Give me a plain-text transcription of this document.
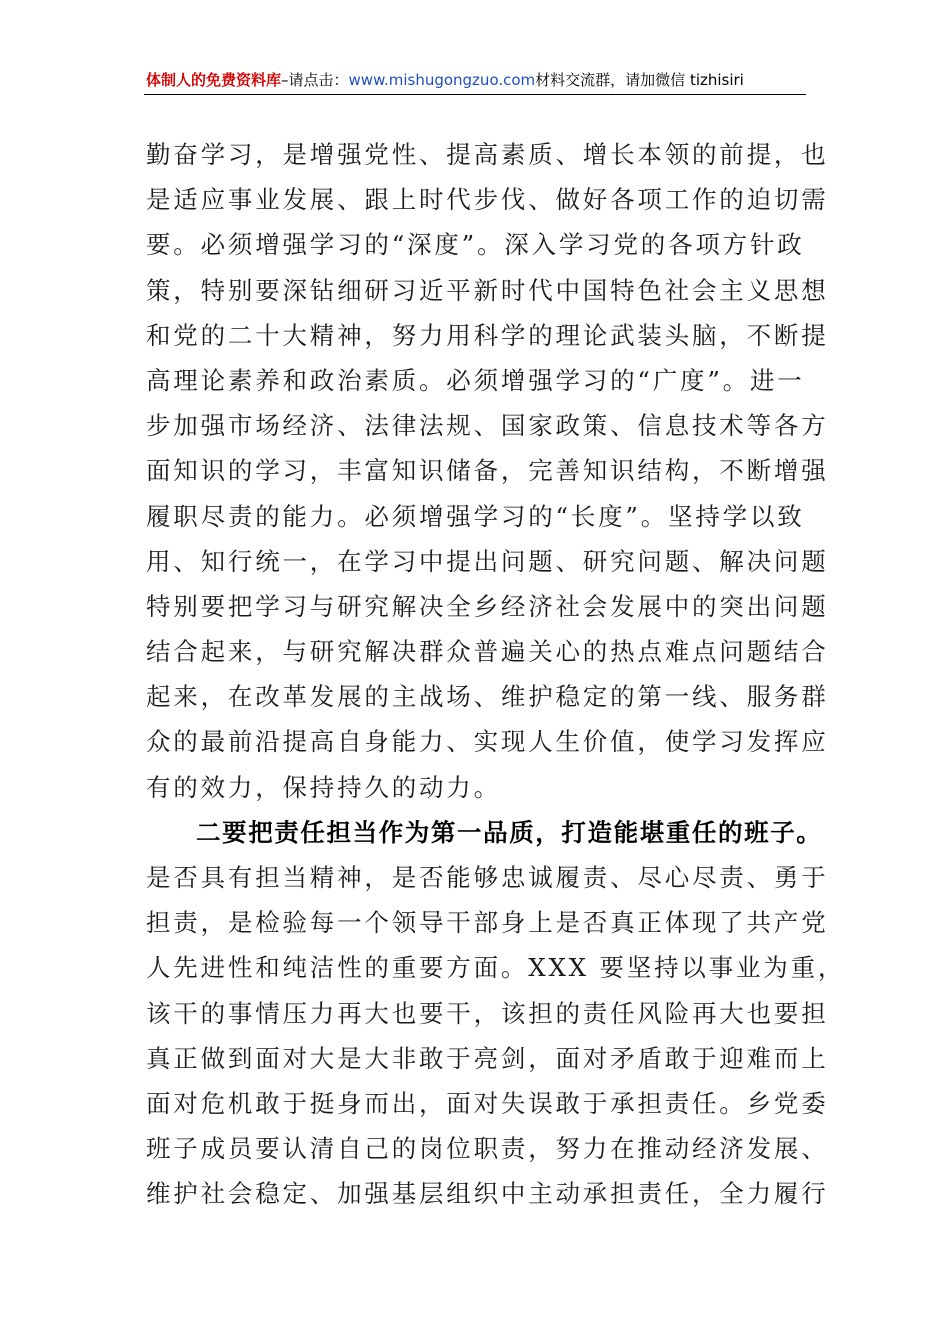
体制人的免费资料库–请点击：www.mishugongzuo.com材料交流群，请加微信 tizhisiri
勤奋学习，是增强党性、提高素质、增长本领的前提，也
是适应事业发展、跟上时代步伐、做好各项工作的迫切需
要。必须增强学习的“深度”。深入学习党的各项方针政
策，特别要深钻细研习近平新时代中国特色社会主义思想
和党的二十大精神，努力用科学的理论武装头脑，不断提
高理论素养和政治素质。必须增强学习的“广度”。进一
步加强市场经济、法律法规、国家政策、信息技术等各方
面知识的学习，丰富知识储备，完善知识结构，不断增强
履职尽责的能力。必须增强学习的“长度”。坚持学以致
用、知行统一，在学习中提出问题、研究问题、解决问题
特别要把学习与研究解决全乡经济社会发展中的突出问题
结合起来，与研究解决群众普遍关心的热点难点问题结合
起来，在改革发展的主战场、维护稳定的第一线、服务群
众的最前沿提高自身能力、实现人生价值，使学习发挥应
有的效力，保持持久的动力。
二要把责任担当作为第一品质，打造能堪重任的班子。
是否具有担当精神，是否能够忠诚履责、尽心尽责、勇于
担责，是检验每一个领导干部身上是否真正体现了共产党
人先进性和纯洁性的重要方面。XXX 要坚持以事业为重，
该干的事情压力再大也要干，该担的责任风险再大也要担
真正做到面对大是大非敢于亮剑，面对矛盾敢于迎难而上
面对危机敢于挺身而出，面对失误敢于承担责任。乡党委
班子成员要认清自己的岗位职责，努力在推动经济发展、
维护社会稳定、加强基层组织中主动承担责任，全力履行
